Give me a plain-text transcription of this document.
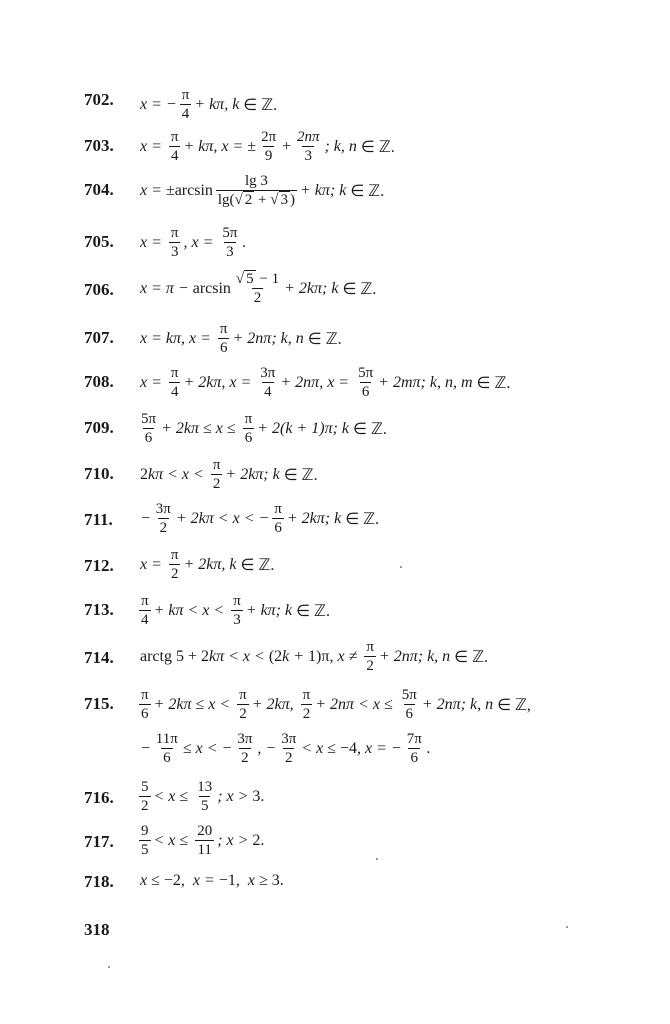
702. x = − $\frac{\pi}{4} + k\pi$, k ∈ ℤ.
703. $x = \frac{\pi}{4} + k\pi$, x = ± $\frac{2\pi}{9} + \frac{2n\pi}{3}$ ; k, n ∈ ℤ.
704. x = ± $\arcsin \frac{\lg 3}{\lg(√ 2 + √ 3 )} + k\pi$; k ∈ ℤ.
705. $x = \frac{\pi}{3}$ , $x = \frac{5\pi}{3}$ .
706. $x = \pi - \arcsin \frac{√ 5 - 1}{2} + 2k\pi$; k ∈ ℤ.
707. x = kπ, $x = \frac{\pi}{6} + 2n\pi$; k, n ∈ ℤ.
708. $x = \frac{\pi}{4} + 2k\pi$, $x = \frac{3\pi}{4} + 2n\pi$, $x = \frac{5\pi}{6} + 2m\pi$; k, n, m ∈ ℤ.
709. $\frac{5\pi}{6} + 2k\pi \le x \le \frac{\pi}{6} + 2(k + 1)\pi$; k ∈ ℤ.
710. 2 $k\pi < x < \frac{\pi}{2} + 2k\pi$; k ∈ ℤ.
711. − $\frac{3\pi}{2} + 2k\pi < x$ < − $\frac{\pi}{6} + 2k\pi$; k ∈ ℤ.
712. $x = \frac{\pi}{2} + 2k\pi$, k ∈ ℤ.
713. $\frac{\pi}{4} + k\pi < x < \frac{\pi}{3} + k\pi$; k ∈ ℤ.
714. arctg 5 + 2 kπ < x < (2 k + 1)π , $x \ne \frac{\pi}{2} + 2n\pi$; k, n ∈ ℤ.
715. $\frac{\pi}{6} + 2k\pi \le x < \frac{\pi}{2} + 2k\pi$, $\frac{\pi}{2} + 2n\pi < x \le \frac{5\pi}{6} + 2n\pi$; k, n ∈ ℤ,
− $\frac{11\pi}{6} \le x$ < − $\frac{3\pi}{2}$ , − $\frac{3\pi}{2} < x \le -4$ , x = − $\frac{7\pi}{6}$ .
716. $\frac{5}{2} < x \le \frac{13}{5}$ ; x > 3.
717. $\frac{9}{5} < x \le \frac{20}{11}$ ; x > 2.
718. x ≤ −2 ,  x = −1 ,  x ≥ 3.
318
